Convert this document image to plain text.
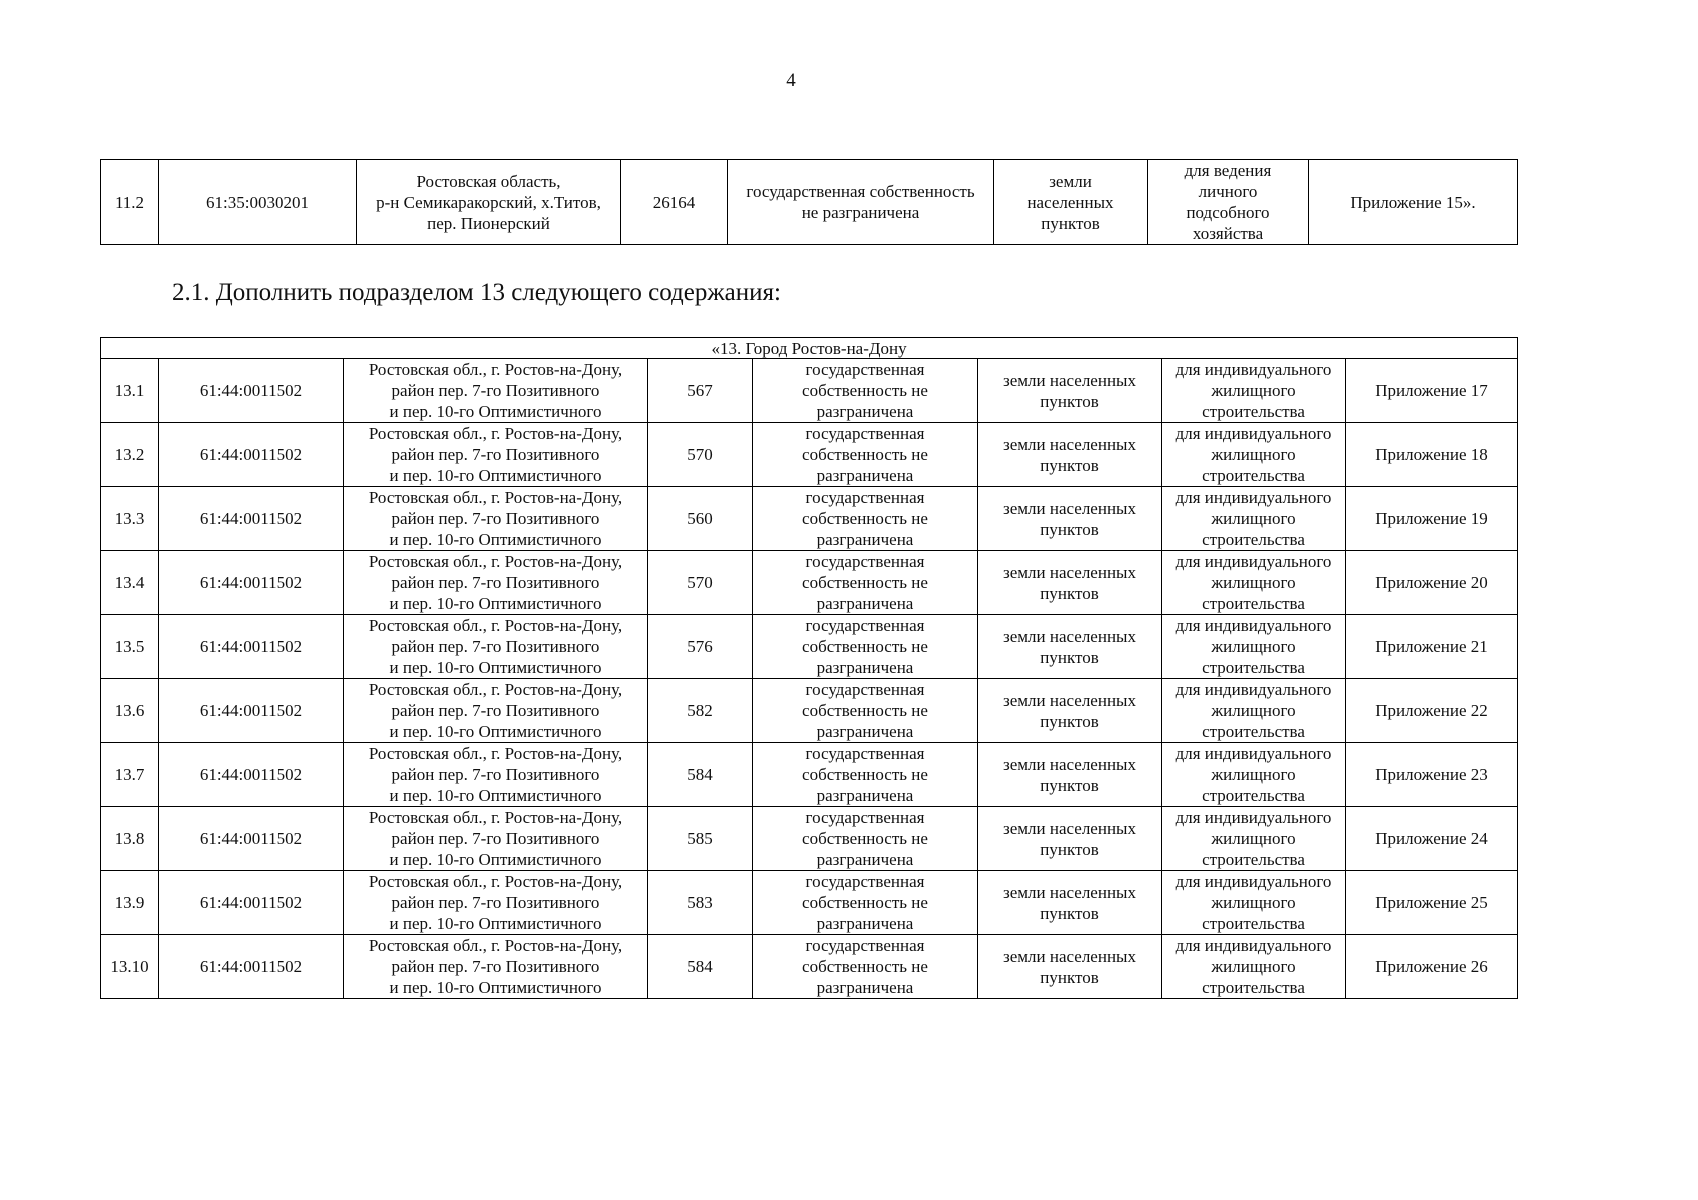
4
11.2	61:35:0030201	Ростовская область,
р-н Семикаракорский, х.Титов,
пер. Пионерский	26164	государственная собственность
не разграничена	земли
населенных
пунктов	для ведения
личного
подсобного
хозяйства	Приложение 15».
2.1. Дополнить подразделом 13 следующего содержания:
«13. Город Ростов-на-Дону							
13.1	61:44:0011502	Ростовская обл., г. Ростов-на-Дону,
район пер. 7-го Позитивного
и пер. 10-го Оптимистичного	567	государственная
собственность не
разграничена	земли населенных
пунктов	для индивидуального
жилищного
строительства	Приложение 17
13.2	61:44:0011502	Ростовская обл., г. Ростов-на-Дону,
район пер. 7-го Позитивного
и пер. 10-го Оптимистичного	570	государственная
собственность не
разграничена	земли населенных
пунктов	для индивидуального
жилищного
строительства	Приложение 18
13.3	61:44:0011502	Ростовская обл., г. Ростов-на-Дону,
район пер. 7-го Позитивного
и пер. 10-го Оптимистичного	560	государственная
собственность не
разграничена	земли населенных
пунктов	для индивидуального
жилищного
строительства	Приложение 19
13.4	61:44:0011502	Ростовская обл., г. Ростов-на-Дону,
район пер. 7-го Позитивного
и пер. 10-го Оптимистичного	570	государственная
собственность не
разграничена	земли населенных
пунктов	для индивидуального
жилищного
строительства	Приложение 20
13.5	61:44:0011502	Ростовская обл., г. Ростов-на-Дону,
район пер. 7-го Позитивного
и пер. 10-го Оптимистичного	576	государственная
собственность не
разграничена	земли населенных
пунктов	для индивидуального
жилищного
строительства	Приложение 21
13.6	61:44:0011502	Ростовская обл., г. Ростов-на-Дону,
район пер. 7-го Позитивного
и пер. 10-го Оптимистичного	582	государственная
собственность не
разграничена	земли населенных
пунктов	для индивидуального
жилищного
строительства	Приложение 22
13.7	61:44:0011502	Ростовская обл., г. Ростов-на-Дону,
район пер. 7-го Позитивного
и пер. 10-го Оптимистичного	584	государственная
собственность не
разграничена	земли населенных
пунктов	для индивидуального
жилищного
строительства	Приложение 23
13.8	61:44:0011502	Ростовская обл., г. Ростов-на-Дону,
район пер. 7-го Позитивного
и пер. 10-го Оптимистичного	585	государственная
собственность не
разграничена	земли населенных
пунктов	для индивидуального
жилищного
строительства	Приложение 24
13.9	61:44:0011502	Ростовская обл., г. Ростов-на-Дону,
район пер. 7-го Позитивного
и пер. 10-го Оптимистичного	583	государственная
собственность не
разграничена	земли населенных
пунктов	для индивидуального
жилищного
строительства	Приложение 25
13.10	61:44:0011502	Ростовская обл., г. Ростов-на-Дону,
район пер. 7-го Позитивного
и пер. 10-го Оптимистичного	584	государственная
собственность не
разграничена	земли населенных
пунктов	для индивидуального
жилищного
строительства	Приложение 26
